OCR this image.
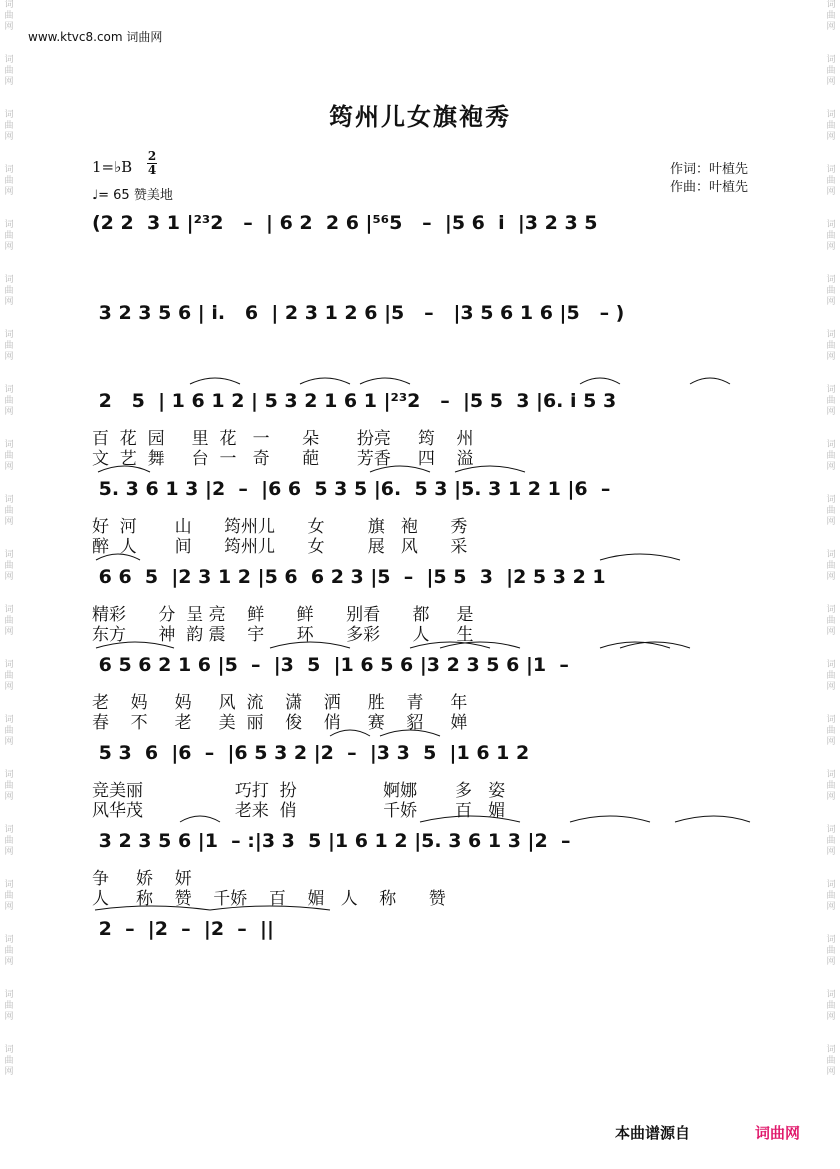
词
曲
网

词
曲
网

词
曲
网

词
曲
网

词
曲
网

词
曲
网

词
曲
网

词
曲
网

词
曲
网

词
曲
网

词
曲
网

词
曲
网

词
曲
网

词
曲
网

词
曲
网

词
曲
网

词
曲
网

词
曲
网

词
曲
网

词
曲
网
词
曲
网

词
曲
网

词
曲
网

词
曲
网

词
曲
网

词
曲
网

词
曲
网

词
曲
网

词
曲
网

词
曲
网

词
曲
网

词
曲
网

词
曲
网

词
曲
网

词
曲
网

词
曲
网

词
曲
网

词
曲
网

词
曲
网

词
曲
网
www.ktvc8.com 词曲网
筠州儿女旗袍秀
1=♭B
2
4
♩= 65 赞美地
作词：叶植先
作曲：叶植先
(2 2  3 1 |²³2   –  | 6 2  2 6 |⁵⁶5   –  |5 6  i  |3 2 3 5
3 2 3 5 6 | i.   6  | 2 3 1 2 6 |5   –   |3 5 6 1 6 |5   – )
2   5  | 1 6 1 2 | 5 3 2 1 6 1 |²³2   –  |5 5  3 |6. i 5 3
百  花  园     里  花   一      朵       扮亮     筠    州
文  艺  舞     台  一   奇      葩       芳香     四    溢
5. 3 6 1 3 |2  –  |6 6  5 3 5 |6.  5 3 |5. 3 1 2 1 |6  –
好  河       山      筠州儿      女        旗   袍      秀
醉  人       间      筠州儿      女        展   风      采
6 6  5  |2 3 1 2 |5 6  6 2 3 |5  –  |5 5  3  |2 5 3 2 1
精彩      分  呈 亮    鲜      鲜      别看      都     是
东方      神  韵 震    宇      环      多彩      人     生
6 5 6 2 1 6 |5  –  |3  5  |1 6 5 6 |3 2 3 5 6 |1  –
老    妈     妈     风  流    潇    洒     胜    青     年
春    不     老     美  丽    俊    俏     赛    貂     婵
5 3  6  |6  –  |6 5 3 2 |2  –  |3 3  5  |1 6 1 2
竞美丽                 巧打  扮                婀娜       多   姿
风华茂                 老来  俏                千娇       百   媚
3 2 3 5 6 |1  – :|3 3  5 |1 6 1 2 |5. 3 6 1 3 |2  –
争     娇    妍
人     称    赞    千娇    百    媚   人    称      赞
2  –  |2  –  |2  –  ||
本曲谱源自	词曲网
